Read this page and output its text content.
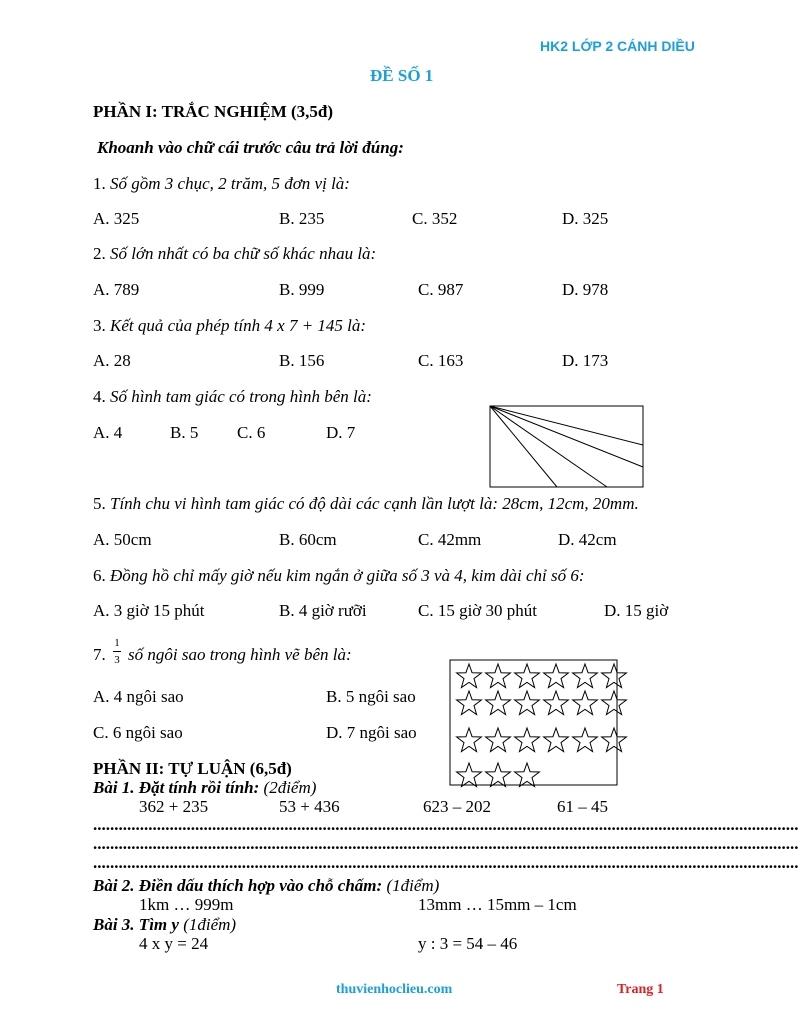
HK2 LỚP 2 CÁNH DIỀU
ĐỀ SỐ 1
PHẦN I: TRẮC NGHIỆM (3,5đ)
Khoanh vào chữ cái trước câu trả lời đúng:
1. Số gồm 3 chục, 2 trăm, 5 đơn vị là:
A. 325	B. 235	C. 352	D. 325
2. Số lớn nhất có ba chữ số khác nhau là:
A. 789	B. 999	C. 987	D. 978
3. Kết quả của phép tính 4 x 7 + 145 là:
A. 28	B. 156	C. 163	D. 173
4. Số hình tam giác có trong hình bên là:
A. 4	B. 5 C. 6	D. 7
5. Tính chu vi hình tam giác có độ dài các cạnh lần lượt là: 28cm, 12cm, 20mm.
A. 50cm	B. 60cm	C. 42mm	D. 42cm
6. Đồng hồ chỉ mấy giờ nếu kim ngắn ở giữa số 3 và 4, kim dài chỉ số 6:
A. 3 giờ 15 phút	B. 4 giờ rưỡi	C. 15 giờ 30 phút	D. 15 giờ
7.
1
3 số ngôi sao trong hình vẽ bên là:
A. 4 ngôi sao	B. 5 ngôi sao
C. 6 ngôi sao	D. 7 ngôi sao
PHẦN II: TỰ LUẬN (6,5đ)
Bài 1. Đặt tính rồi tính: (2điểm)
362 + 235	53 + 436	623 – 202	61 – 45
......................................................................................................................................................................
......................................................................................................................................................................
......................................................................................................................................................................
Bài 2. Điền dấu thích hợp vào chỗ chấm: (1điểm)
1km … 999m	13mm … 15mm – 1cm
Bài 3. Tìm y (1điểm)
4 x y = 24	y : 3 = 54 – 46
thuvienhoclieu.com	Trang 1
